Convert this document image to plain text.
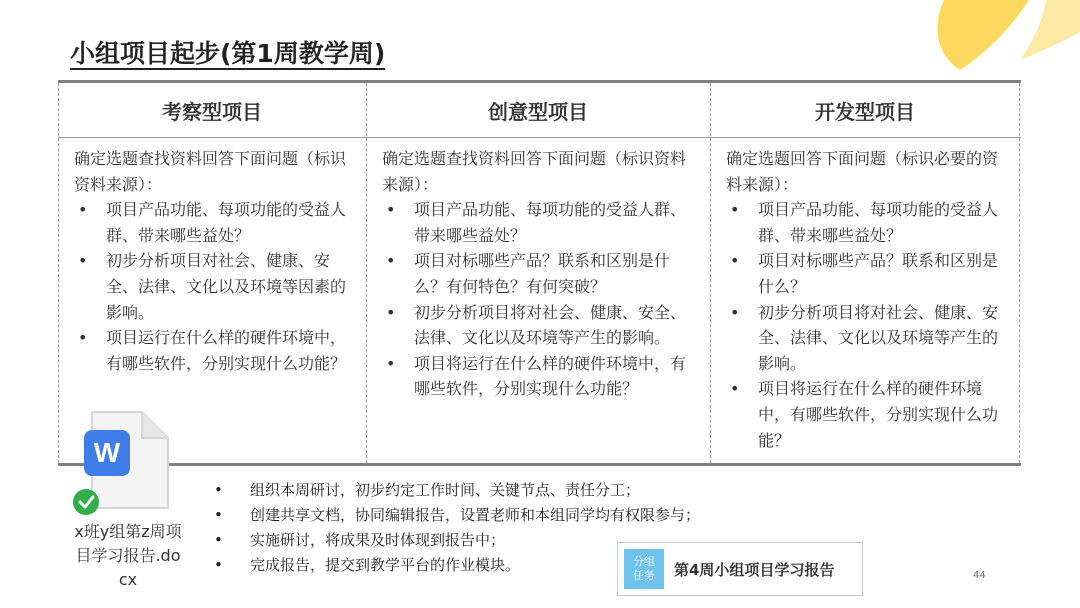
小组项目起步(第1周教学周)
考察型项目	创意型项目	开发型项目
确定选题查找资料回答下面问题（标识资料来源）：
• 项目产品功能、每项功能的受益人群、带来哪些益处？
• 初步分析项目对社会、健康、安全、法律、文化以及环境等因素的影响。
• 项目运行在什么样的硬件环境中，有哪些软件，分别实现什么功能？
确定选题查找资料回答下面问题（标识资料来源）：
• 项目产品功能、每项功能的受益人群、带来哪些益处？
• 项目对标哪些产品？联系和区别是什么？有何特色？有何突破？
• 初步分析项目将对社会、健康、安全、法律、文化以及环境等产生的影响。
• 项目将运行在什么样的硬件环境中，有哪些软件，分别实现什么功能？
确定选题回答下面问题（标识必要的资料来源）：
• 项目产品功能、每项功能的受益人群、带来哪些益处？
• 项目对标哪些产品？联系和区别是什么？
• 初步分析项目将对社会、健康、安全、法律、文化以及环境等产生的影响。
• 项目将运行在什么样的硬件环境中，有哪些软件，分别实现什么功能？
W
x班y组第z周项目学习报告.docx
• 组织本周研讨，初步约定工作时间、关键节点、责任分工；
• 创建共享文档，协同编辑报告，设置老师和本组同学均有权限参与；
• 实施研讨，将成果及时体现到报告中；
• 完成报告，提交到教学平台的作业模块。	分组
任务 第4周小组项目学习报告	44
